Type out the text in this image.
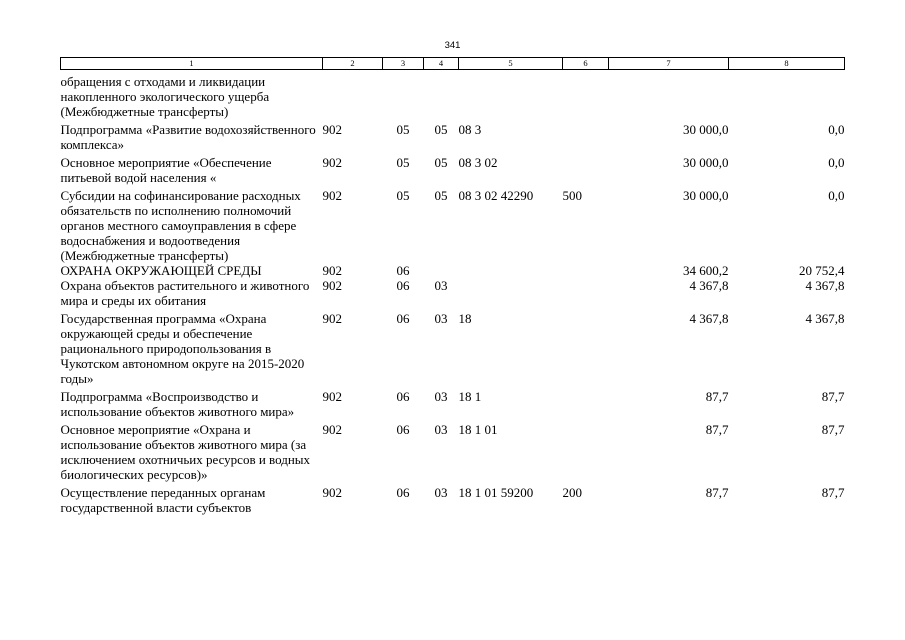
341
1	2	3	4	5	6	7	8
обращения с отходами и ликвидации накопленного экологического ущерба (Межбюджетные трансферты)							
Подпрограмма «Развитие водохозяйственного комплекса»	902	05	05	08 3		30 000,0	0,0
Основное мероприятие «Обеспечение питьевой водой населения «	902	05	05	08 3 02		30 000,0	0,0
Субсидии на софинансирование расходных обязательств по исполнению полномочий органов местного самоуправления в сфере водоснабжения и водоотведения (Межбюджетные трансферты)	902	05	05	08 3 02 42290	500	30 000,0	0,0
ОХРАНА ОКРУЖАЮЩЕЙ СРЕДЫ	902	06				34 600,2	20 752,4
Охрана объектов растительного и животного мира и среды их обитания	902	06	03			4 367,8	4 367,8
Государственная программа «Охрана окружающей среды и обеспечение рационального природопользования в Чукотском автономном округе на 2015-2020 годы»	902	06	03	18		4 367,8	4 367,8
Подпрограмма «Воспроизводство и использование объектов животного мира»	902	06	03	18 1		87,7	87,7
Основное мероприятие «Охрана и использование объектов животного мира (за исключением охотничьих ресурсов и водных биологических ресурсов)»	902	06	03	18 1 01		87,7	87,7
Осуществление переданных органам государственной власти субъектов	902	06	03	18 1 01 59200	200	87,7	87,7
